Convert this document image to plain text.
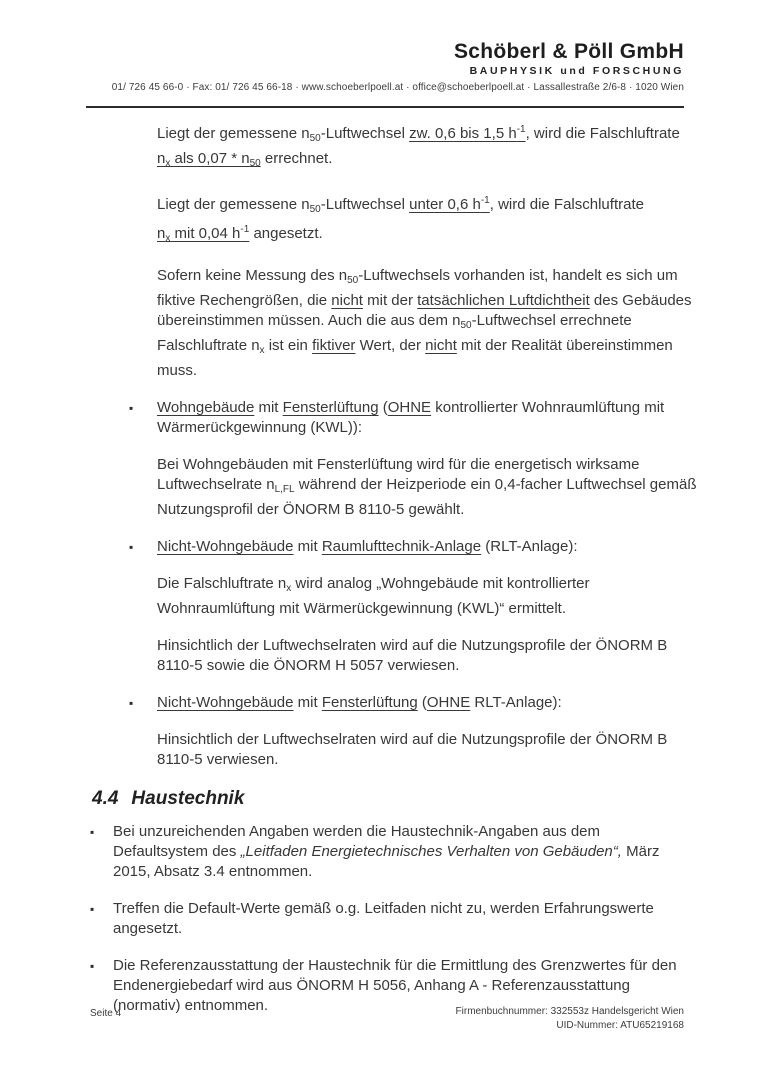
Schöberl & Pöll GmbH
BAUPHYSIK und FORSCHUNG
01/ 726 45 66-0 · Fax: 01/ 726 45 66-18 · www.schoeberlpoell.at · office@schoeberlpoell.at · Lassallestraße 2/6-8 · 1020 Wien
Liegt der gemessene $n_{50}$-Luftwechsel zw. 0,6 bis 1,5 $h^{-1}$, wird die Falschluftrate
$n_x$ als $0,07 * n_{50}$ errechnet.
Liegt der gemessene $n_{50}$-Luftwechsel unter 0,6 $h^{-1}$, wird die Falschluftrate
$n_x$ mit 0,04 $h^{-1}$ angesetzt.
Sofern keine Messung des $n_{50}$-Luftwechsels vorhanden ist, handelt es sich um
fiktive Rechengrößen, die nicht mit der tatsächlichen Luftdichtheit des Gebäudes
übereinstimmen müssen. Auch die aus dem $n_{50}$-Luftwechsel errechnete
Falschluftrate $n_x$ ist ein fiktiver Wert, der nicht mit der Realität übereinstimmen
muss.
▪ Wohngebäude mit Fensterlüftung (OHNE kontrollierter Wohnraumlüftung mit
Wärmerückgewinnung (KWL)):
Bei Wohngebäuden mit Fensterlüftung wird für die energetisch wirksame
Luftwechselrate $n_{L,FL}$ während der Heizperiode ein 0,4-facher Luftwechsel gemäß
Nutzungsprofil der ÖNORM B 8110-5 gewählt.
▪ Nicht-Wohngebäude mit Raumlufttechnik-Anlage (RLT-Anlage):
Die Falschluftrate $n_x$ wird analog „Wohngebäude mit kontrollierter
Wohnraumlüftung mit Wärmerückgewinnung (KWL)“ ermittelt.
Hinsichtlich der Luftwechselraten wird auf die Nutzungsprofile der ÖNORM B
8110-5 sowie die ÖNORM H 5057 verwiesen.
▪ Nicht-Wohngebäude mit Fensterlüftung (OHNE RLT-Anlage):
Hinsichtlich der Luftwechselraten wird auf die Nutzungsprofile der ÖNORM B
8110-5 verwiesen.
4.4 Haustechnik
▪ Bei unzureichenden Angaben werden die Haustechnik-Angaben aus dem
Defaultsystem des „Leitfaden Energietechnisches Verhalten von Gebäuden“, März
2015, Absatz 3.4 entnommen.
▪ Treffen die Default-Werte gemäß o.g. Leitfaden nicht zu, werden Erfahrungswerte
angesetzt.
▪ Die Referenzausstattung der Haustechnik für die Ermittlung des Grenzwertes für den
Endenergiebedarf wird aus ÖNORM H 5056, Anhang A - Referenzausstattung
(normativ) entnommen.
Seite 4	Firmenbuchnummer: 332553z Handelsgericht Wien
UID-Nummer: ATU65219168
